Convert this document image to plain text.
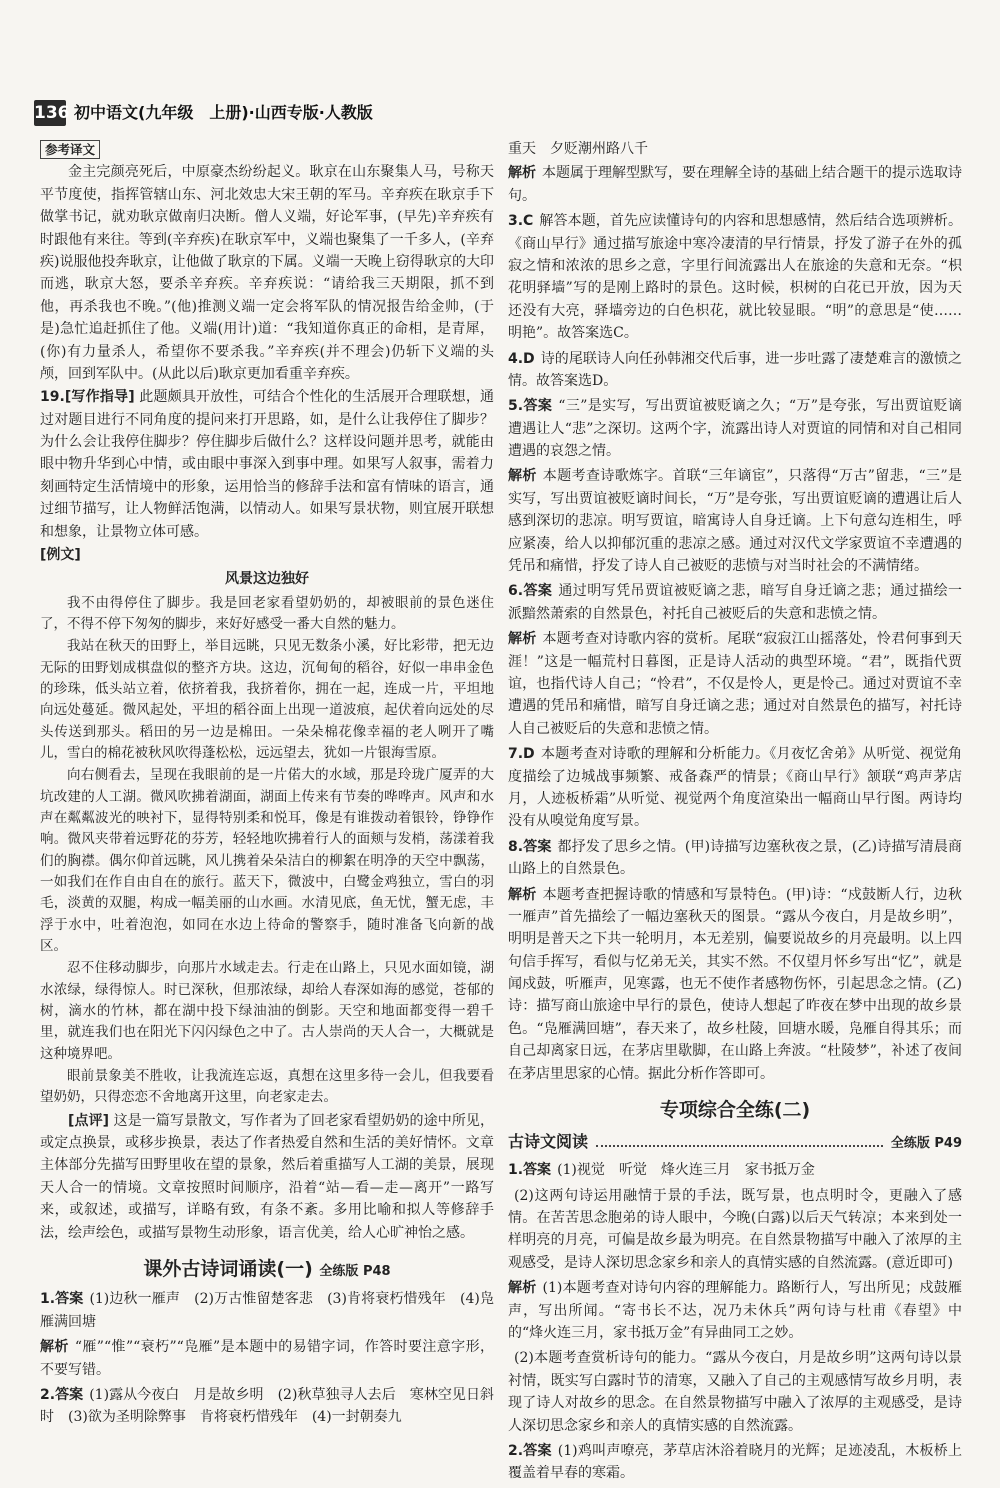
136 初中语文(九年级　上册)·山西专版·人教版
参考译文

金主完颜亮死后，中原豪杰纷纷起义。耿京在山东聚集人马，号称天平节度使，指挥管辖山东、河北效忠大宋王朝的军马。辛弃疾在耿京手下做掌书记，就劝耿京做南归决断。僧人义端，好论军事，(早先)辛弃疾有时跟他有来往。等到(辛弃疾)在耿京军中，义端也聚集了一千多人，(辛弃疾)说服他投奔耿京，让他做了耿京的下属。义端一天晚上窃得耿京的大印而逃，耿京大怒，要杀辛弃疾。辛弃疾说：“请给我三天期限，抓不到他，再杀我也不晚。”(他)推测义端一定会将军队的情况报告给金帅，(于是)急忙追赶抓住了他。义端(用计)道：“我知道你真正的命相，是青犀，(你)有力量杀人，希望你不要杀我。”辛弃疾(并不理会)仍斩下义端的头颅，回到军队中。(从此以后)耿京更加看重辛弃疾。

19.[写作指导] 此题颇具开放性，可结合个性化的生活展开合理联想，通过对题目进行不同角度的提问来打开思路，如，是什么让我停住了脚步？为什么会让我停住脚步？停住脚步后做什么？这样设问题并思考，就能由眼中物升华到心中情，或由眼中事深入到事中理。如果写人叙事，需着力刻画特定生活情境中的形象，运用恰当的修辞手法和富有情味的语言，通过细节描写，让人物鲜活饱满，以情动人。如果写景状物，则宜展开联想和想象，让景物立体可感。

[例文]
风景这边独好

我不由得停住了脚步。我是回老家看望奶奶的，却被眼前的景色迷住了，不得不停下匆匆的脚步，来好好感受一番大自然的魅力。

我站在秋天的田野上，举目远眺，只见无数条小溪，好比彩带，把无边无际的田野划成棋盘似的整齐方块。这边，沉甸甸的稻谷，好似一串串金色的珍珠，低头站立着，依挤着我，我挤着你，拥在一起，连成一片，平坦地向远处蔓延。微风起处，平坦的稻谷面上出现一道波痕，起伏着向远处的尽头传送到那头。稻田的另一边是棉田。一朵朵棉花像幸福的老人咧开了嘴儿，雪白的棉花被秋风吹得蓬松松，远远望去，犹如一片银海雪原。

向右侧看去，呈现在我眼前的是一片偌大的水域，那是玲珑广厦弄的大坑改建的人工湖。微风吹拂着湖面，湖面上传来有节奏的哗哗声。风声和水声在粼粼波光的映衬下，显得特别柔和悦耳，像是有谁拨动着银铃，铮铮作响。微风夹带着远野花的芬芳，轻轻地吹拂着行人的面颊与发梢，荡漾着我们的胸襟。偶尔仰首远眺，风儿携着朵朵洁白的柳絮在明净的天空中飘荡，一如我们在作自由自在的旅行。蓝天下，微波中，白鹭金鸡独立，雪白的羽毛，淡黄的双腿，构成一幅美丽的山水画。水清见底，鱼无忧，蟹无虑，丰浮于水中，吐着泡泡，如同在水边上待命的警察手，随时准备飞向新的战区。

忍不住移动脚步，向那片水域走去。行走在山路上，只见水面如镜，湖水浓绿，绿得惊人。时已深秋，但那浓绿，却给人春深如海的感觉，苍郁的树，滴水的竹林，都在湖中投下绿油油的倒影。天空和地面都变得一碧千里，就连我们也在阳光下闪闪绿色之中了。古人崇尚的天人合一，大概就是这种境界吧。

眼前景象美不胜收，让我流连忘返，真想在这里多待一会儿，但我要看望奶奶，只得恋恋不舍地离开这里，向老家走去。

[点评] 这是一篇写景散文，写作者为了回老家看望奶奶的途中所见，或定点换景，或移步换景，表达了作者热爱自然和生活的美好情怀。文章主体部分先描写田野里收在望的景象，然后着重描写人工湖的美景，展现天人合一的情境。文章按照时间顺序，沿着“站—看—走—离开”一路写来，或叙述，或描写，详略有致，有条不紊。多用比喻和拟人等修辞手法，绘声绘色，或描写景物生动形象，语言优美，给人心旷神怡之感。

课外古诗词诵读(一) 全练版 P48
1.答案 (1)边秋一雁声　(2)万古惟留楚客悲　(3)肯将衰朽惜残年　(4)凫雁满回塘
解析 “雁”“惟”“衰朽”“凫雁”是本题中的易错字词，作答时要注意字形，不要写错。
2.答案 (1)露从今夜白　月是故乡明　(2)秋草独寻人去后　寒林空见日斜时　(3)欲为圣明除弊事　肯将衰朽惜残年　(4)一封朝奏九

重天　夕贬潮州路八千

解析 本题属于理解型默写，要在理解全诗的基础上结合题干的提示选取诗句。
3.C 解答本题，首先应读懂诗句的内容和思想感情，然后结合选项辨析。《商山早行》通过描写旅途中寒冷凄清的早行情景，抒发了游子在外的孤寂之情和浓浓的思乡之意，字里行间流露出人在旅途的失意和无奈。“枳花明驿墙”写的是刚上路时的景色。这时候，枳树的白花已开放，因为天还没有大亮，驿墙旁边的白色枳花，就比较显眼。“明”的意思是“使……明艳”。故答案选C。
4.D 诗的尾联诗人向任孙韩湘交代后事，进一步吐露了凄楚难言的激愤之情。故答案选D。
5.答案 “三”是实写，写出贾谊被贬谪之久；“万”是夸张，写出贾谊贬谪遭遇让人“悲”之深切。这两个字，流露出诗人对贾谊的同情和对自己相同遭遇的哀怨之情。
解析 本题考查诗歌炼字。首联“三年谪宦”，只落得“万古”留悲，“三”是实写，写出贾谊被贬谪时间长，“万”是夸张，写出贾谊贬谪的遭遇让后人感到深切的悲凉。明写贾谊，暗寓诗人自身迁谪。上下句意勾连相生，呼应紧凑，给人以抑郁沉重的悲凉之感。通过对汉代文学家贾谊不幸遭遇的凭吊和痛惜，抒发了诗人自己被贬的悲愤与对当时社会的不满情绪。
6.答案 通过明写凭吊贾谊被贬谪之悲，暗写自身迁谪之悲；通过描绘一派黯然萧索的自然景色，衬托自己被贬后的失意和悲愤之情。
解析 本题考查对诗歌内容的赏析。尾联“寂寂江山摇落处，怜君何事到天涯！”这是一幅荒村日暮图，正是诗人活动的典型环境。“君”，既指代贾谊，也指代诗人自己；“怜君”，不仅是怜人，更是怜己。通过对贾谊不幸遭遇的凭吊和痛惜，暗写自身迁谪之悲；通过对自然景色的描写，衬托诗人自己被贬后的失意和悲愤之情。
7.D 本题考查对诗歌的理解和分析能力。《月夜忆舍弟》从听觉、视觉角度描绘了边城战事频繁、戒备森严的情景；《商山早行》颔联“鸡声茅店月，人迹板桥霜”从听觉、视觉两个角度渲染出一幅商山早行图。两诗均没有从嗅觉角度写景。
8.答案 都抒发了思乡之情。(甲)诗描写边塞秋夜之景，(乙)诗描写清晨商山路上的自然景色。
解析 本题考查把握诗歌的情感和写景特色。(甲)诗：“戍鼓断人行，边秋一雁声”首先描绘了一幅边塞秋天的图景。“露从今夜白，月是故乡明”，明明是普天之下共一轮明月，本无差别，偏要说故乡的月亮最明。以上四句信手挥写，看似与忆弟无关，其实不然。不仅望月怀乡写出“忆”，就是闻戍鼓，听雁声，见寒露，也无不使作者感物伤怀，引起思念之情。(乙)诗：描写商山旅途中早行的景色，使诗人想起了昨夜在梦中出现的故乡景色。“凫雁满回塘”，春天来了，故乡杜陵，回塘水暖，凫雁自得其乐；而自己却离家日远，在茅店里歇脚，在山路上奔波。“杜陵梦”，补述了夜间在茅店里思家的心情。据此分析作答即可。
专项综合全练(二)
古诗文阅读	全练版 P49
1.答案 (1)视觉　听觉　烽火连三月　家书抵万金
(2)这两句诗运用融情于景的手法，既写景，也点明时令，更融入了感情。在苦苦思念胞弟的诗人眼中，今晚(白露)以后天气转凉；本来到处一样明亮的月亮，可偏是故乡最为明亮。在自然景物描写中融入了浓厚的主观感受，是诗人深切思念家乡和亲人的真情实感的自然流露。(意近即可)
解析 (1)本题考查对诗句内容的理解能力。路断行人，写出所见；戍鼓雁声，写出所闻。“寄书长不达，况乃未休兵”两句诗与杜甫《春望》中的“烽火连三月，家书抵万金”有异曲同工之妙。
(2)本题考查赏析诗句的能力。“露从今夜白，月是故乡明”这两句诗以景衬情，既实写白露时节的清寒，又融入了自己的主观感情写故乡月明，表现了诗人对故乡的思念。在自然景物描写中融入了浓厚的主观感受，是诗人深切思念家乡和亲人的真情实感的自然流露。
2.答案 (1)鸡叫声嘹亮，茅草店沐浴着晓月的光辉；足迹凌乱，木板桥上覆盖着早春的寒霜。
